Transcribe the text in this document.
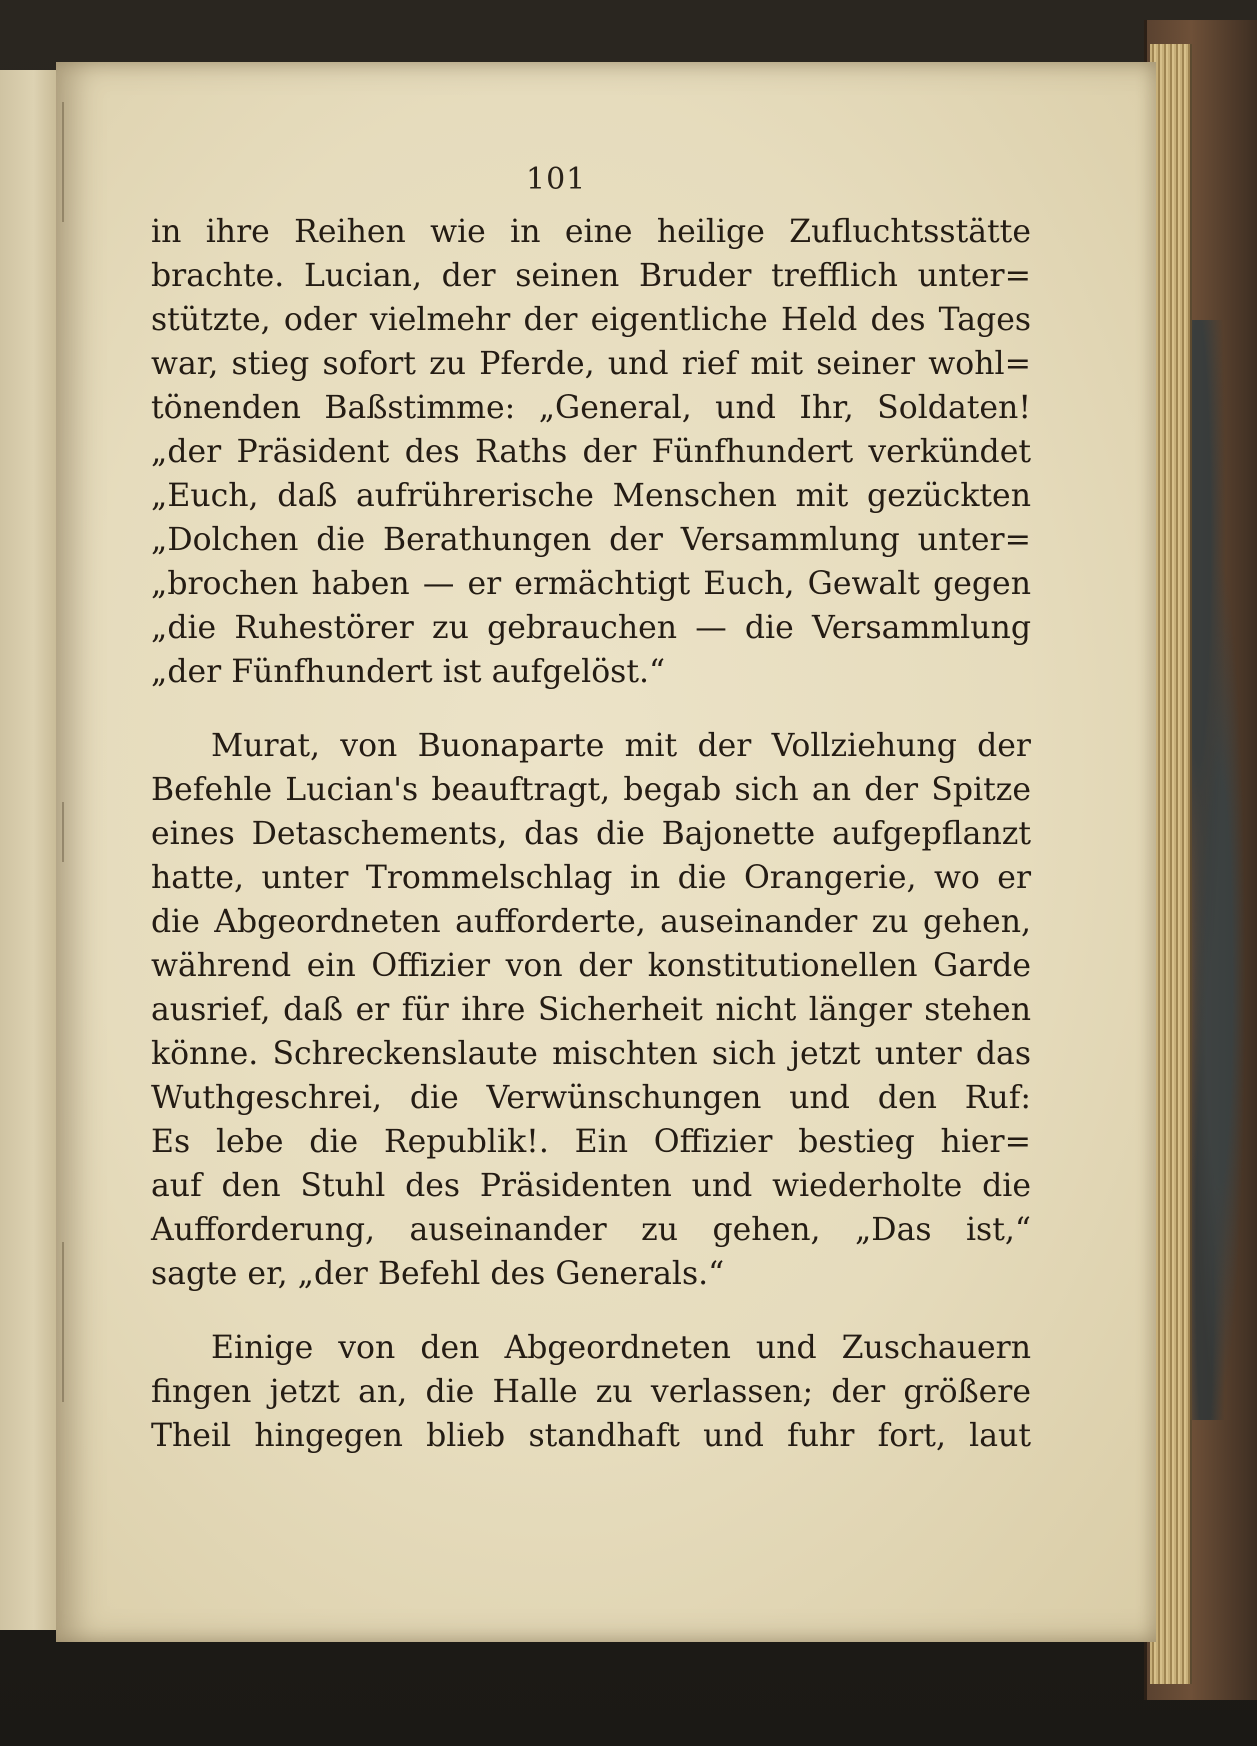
101
in ihre Reihen wie in eine heilige Zufluchtsstätte
brachte. Lucian, der seinen Bruder trefflich unter=
stützte, oder vielmehr der eigentliche Held des Tages
war, stieg sofort zu Pferde, und rief mit seiner wohl=
tönenden Baßstimme: „General, und Ihr, Soldaten!
„der Präsident des Raths der Fünfhundert verkündet
„Euch, daß aufrührerische Menschen mit gezückten
„Dolchen die Berathungen der Versammlung unter=
„brochen haben — er ermächtigt Euch, Gewalt gegen
„die Ruhestörer zu gebrauchen — die Versammlung
„der Fünfhundert ist aufgelöst.“
Murat, von Buonaparte mit der Vollziehung der
Befehle Lucian's beauftragt, begab sich an der Spitze
eines Detaschements, das die Bajonette aufgepflanzt
hatte, unter Trommelschlag in die Orangerie, wo er
die Abgeordneten aufforderte, auseinander zu gehen,
während ein Offizier von der konstitutionellen Garde
ausrief, daß er für ihre Sicherheit nicht länger stehen
könne. Schreckenslaute mischten sich jetzt unter das
Wuthgeschrei, die Verwünschungen und den Ruf:
Es lebe die Republik!. Ein Offizier bestieg hier=
auf den Stuhl des Präsidenten und wiederholte die
Aufforderung, auseinander zu gehen, „Das ist,“
sagte er, „der Befehl des Generals.“
Einige von den Abgeordneten und Zuschauern
fingen jetzt an, die Halle zu verlassen; der größere
Theil hingegen blieb standhaft und fuhr fort, laut
